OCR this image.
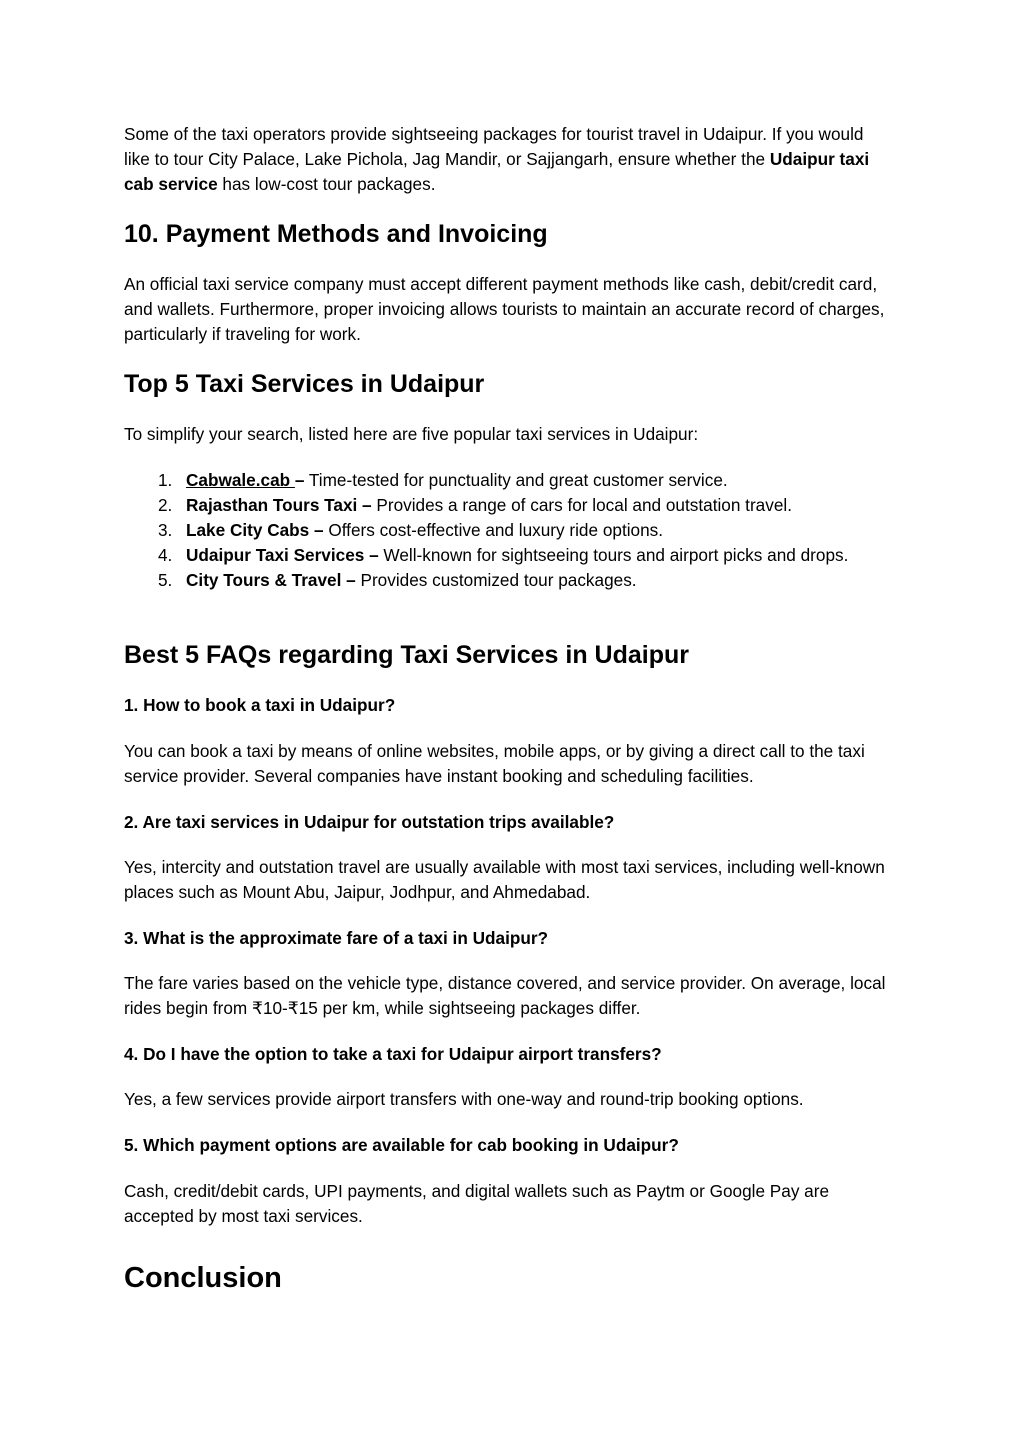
Some of the taxi operators provide sightseeing packages for tourist travel in Udaipur. If you would like to tour City Palace, Lake Pichola, Jag Mandir, or Sajjangarh, ensure whether the Udaipur taxi cab service has low-cost tour packages.

10. Payment Methods and Invoicing

An official taxi service company must accept different payment methods like cash, debit/credit card, and wallets. Furthermore, proper invoicing allows tourists to maintain an accurate record of charges, particularly if traveling for work.

Top 5 Taxi Services in Udaipur

To simplify your search, listed here are five popular taxi services in Udaipur:

1. Cabwale.cab – Time-tested for punctuality and great customer service.
2. Rajasthan Tours Taxi – Provides a range of cars for local and outstation travel.
3. Lake City Cabs – Offers cost-effective and luxury ride options.
4. Udaipur Taxi Services – Well-known for sightseeing tours and airport picks and drops.
5. City Tours & Travel – Provides customized tour packages.
Best 5 FAQs regarding Taxi Services in Udaipur

1. How to book a taxi in Udaipur?

You can book a taxi by means of online websites, mobile apps, or by giving a direct call to the taxi service provider. Several companies have instant booking and scheduling facilities.

2. Are taxi services in Udaipur for outstation trips available?

Yes, intercity and outstation travel are usually available with most taxi services, including well-known places such as Mount Abu, Jaipur, Jodhpur, and Ahmedabad.

3. What is the approximate fare of a taxi in Udaipur?

The fare varies based on the vehicle type, distance covered, and service provider. On average, local rides begin from ₹10-₹15 per km, while sightseeing packages differ.

4. Do I have the option to take a taxi for Udaipur airport transfers?

Yes, a few services provide airport transfers with one-way and round-trip booking options.

5. Which payment options are available for cab booking in Udaipur?

Cash, credit/debit cards, UPI payments, and digital wallets such as Paytm or Google Pay are accepted by most taxi services.

Conclusion
